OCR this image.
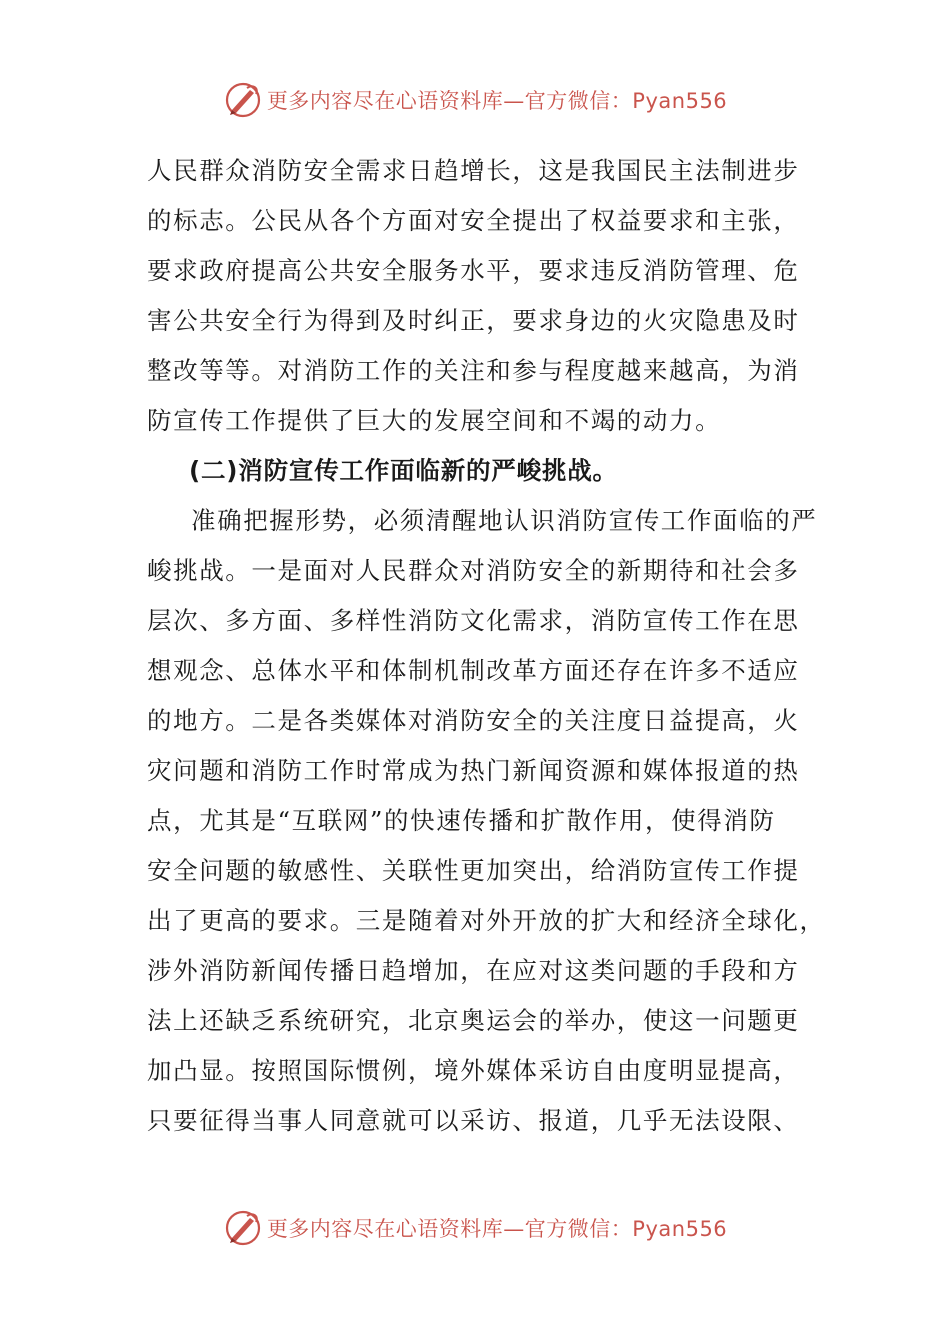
更多内容尽在心语资料库—官方微信：Pyan556
人民群众消防安全需求日趋增长，这是我国民主法制进步
的标志。公民从各个方面对安全提出了权益要求和主张，
要求政府提高公共安全服务水平，要求违反消防管理、危
害公共安全行为得到及时纠正，要求身边的火灾隐患及时
整改等等。对消防工作的关注和参与程度越来越高，为消
防宣传工作提供了巨大的发展空间和不竭的动力。
(二)消防宣传工作面临新的严峻挑战。
准确把握形势，必须清醒地认识消防宣传工作面临的严
峻挑战。一是面对人民群众对消防安全的新期待和社会多
层次、多方面、多样性消防文化需求，消防宣传工作在思
想观念、总体水平和体制机制改革方面还存在许多不适应
的地方。二是各类媒体对消防安全的关注度日益提高，火
灾问题和消防工作时常成为热门新闻资源和媒体报道的热
点，尤其是“互联网”的快速传播和扩散作用，使得消防
安全问题的敏感性、关联性更加突出，给消防宣传工作提
出了更高的要求。三是随着对外开放的扩大和经济全球化，
涉外消防新闻传播日趋增加，在应对这类问题的手段和方
法上还缺乏系统研究，北京奥运会的举办，使这一问题更
加凸显。按照国际惯例，境外媒体采访自由度明显提高，
只要征得当事人同意就可以采访、报道，几乎无法设限、
更多内容尽在心语资料库—官方微信：Pyan556
